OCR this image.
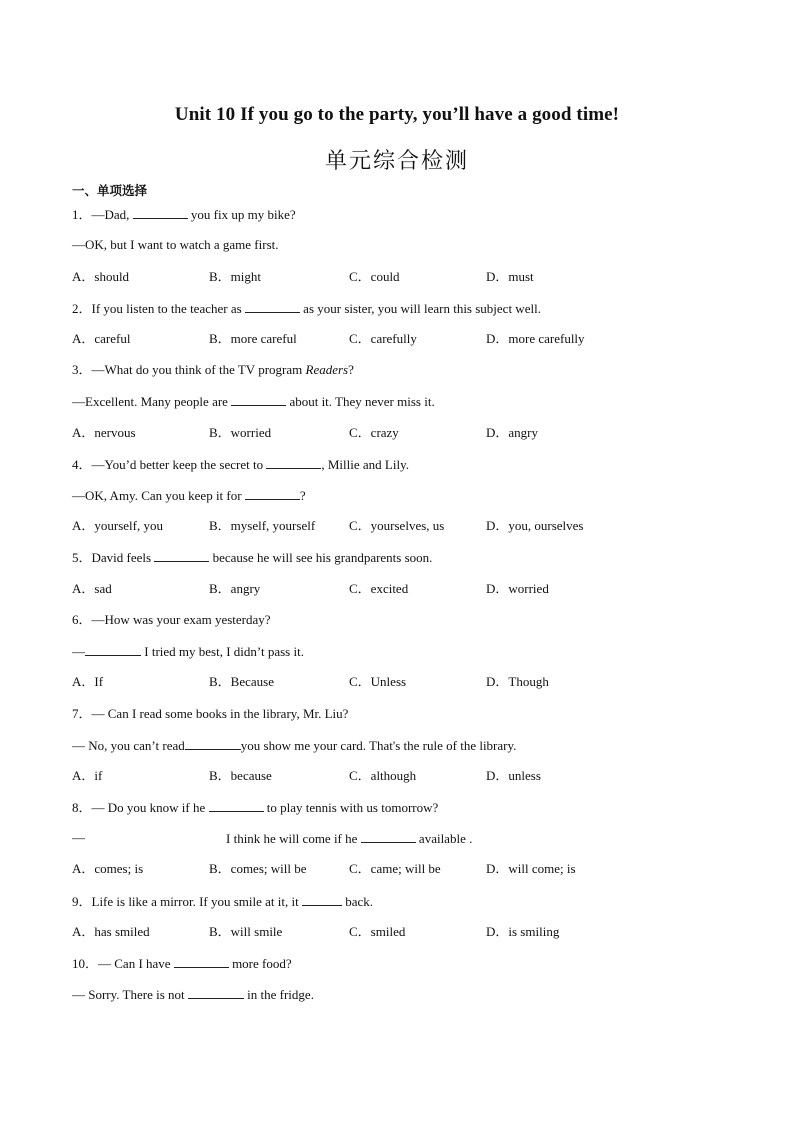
Unit 10 If you go to the party, you’ll have a good time!
单元综合检测
一、单项选择
1．—Dad,	you fix up my bike?
—OK, but I want to watch a game first.
A．should	B．might	C．could	D．must
2．If you listen to the teacher as	as your sister, you will learn this subject well.
A．careful	B．more careful	C．carefully	D．more carefully
3．—What do you think of the TV program Readers?
—Excellent. Many people are	about it. They never miss it.
A．nervous	B．worried	C．crazy	D．angry
4．—You’d better keep the secret to	, Millie and Lily.
—OK, Amy. Can you keep it for	?
A．yourself, you	B．myself, yourself	C．yourselves, us	D．you, ourselves
5．David feels	because he will see his grandparents soon.
A．sad	B．angry	C．excited	D．worried
6．—How was your exam yesterday?
—	I tried my best, I didn’t pass it.
A．If	B．Because	C．Unless	D．Though
7．— Can I read some books in the library, Mr. Liu?
— No, you can’t read	you show me your card. That's the rule of the library.
A．if	B．because	C．although	D．unless
8．— Do you know if he	to play tennis with us tomorrow?
—	I think he will come if he	available .
A．comes; is	B．comes; will be	C．came; will be	D．will come; is
9．Life is like a mirror. If you smile at it, it	back.
A．has smiled	B．will smile	C．smiled	D．is smiling
10．— Can I have	more food?
— Sorry. There is not	in the fridge.
